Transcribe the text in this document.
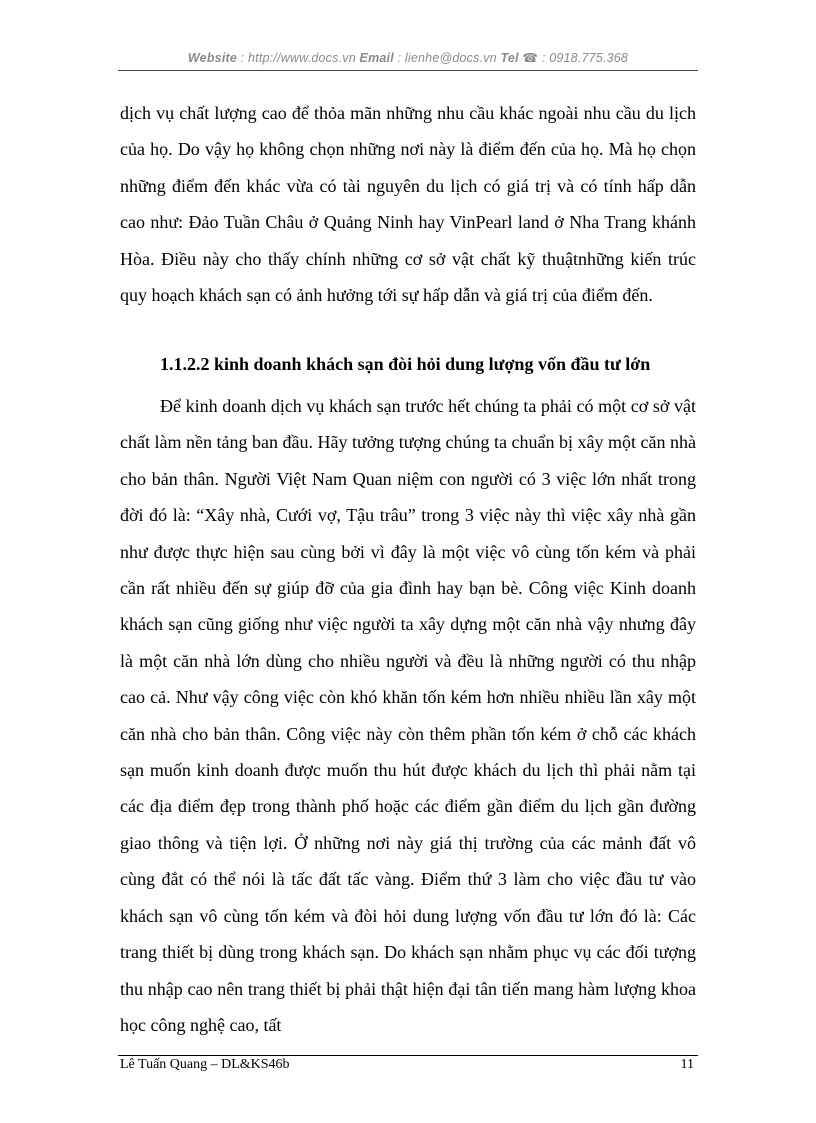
Website : http://www.docs.vn Email : lienhe@docs.vn Tel ☎ : 0918.775.368

dịch vụ chất lượng cao để thỏa mãn những nhu cầu khác ngoài nhu cầu du lịch của họ. Do vậy họ không chọn những nơi này là điểm đến của họ. Mà họ chọn những điểm đến khác vừa có tài nguyên du lịch có giá trị và có tính hấp dẫn cao như: Đảo Tuần Châu ở Quảng Ninh hay VinPearl land ở Nha Trang khánh Hòa. Điều này cho thấy chính những cơ sở vật chất kỹ thuậtnhững kiến trúc quy hoạch khách sạn có ảnh hưởng tới sự hấp dẫn và giá trị của điểm đến.

1.1.2.2 kinh doanh khách sạn đòi hỏi dung lượng vốn đầu tư lớn

Để kinh doanh dịch vụ khách sạn trước hết chúng ta phải có một cơ sở vật chất làm nền tảng ban đầu. Hãy tưởng tượng chúng ta chuẩn bị xây một căn nhà cho bản thân. Người Việt Nam Quan niệm con người có 3 việc lớn nhất trong đời đó là: “Xây nhà, Cưới vợ, Tậu trâu” trong 3 việc này thì việc xây nhà gần như được thực hiện sau cùng bởi vì đây là một việc vô cùng tốn kém và phải cần rất nhiều đến sự giúp đỡ của gia đình hay bạn bè. Công việc Kinh doanh khách sạn cũng giống như việc người ta xây dựng một căn nhà vậy nhưng đây là một căn nhà lớn dùng cho nhiều người và đều là những người có thu nhập cao cả. Như vậy công việc còn khó khăn tốn kém hơn nhiều nhiều lần xây một căn nhà cho bản thân. Công việc này còn thêm phần tốn kém ở chỗ các khách sạn muốn kinh doanh được muốn thu hút được khách du lịch thì phải nằm tại các địa điểm đẹp trong thành phố hoặc các điểm gần điểm du lịch gần đường giao thông và tiện lợi. Ở những nơi này giá thị trường của các mảnh đất vô cùng đắt có thể nói là tấc đất tấc vàng. Điểm thứ 3 làm cho việc đầu tư vào khách sạn vô cùng tốn kém và đòi hỏi dung lượng vốn đầu tư lớn đó là: Các trang thiết bị dùng trong khách sạn. Do khách sạn nhằm phục vụ các đối tượng thu nhập cao nên trang thiết bị phải thật hiện đại tân tiến mang hàm lượng khoa học công nghệ cao, tất

Lê Tuấn Quang – DL&KS46b	11
